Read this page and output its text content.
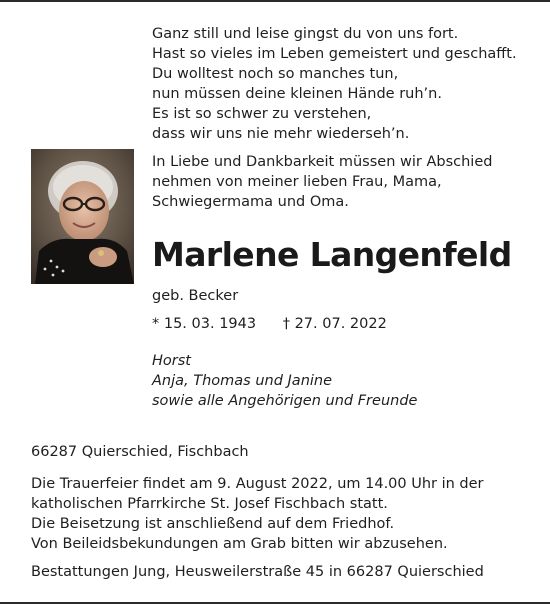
Ganz still und leise gingst du von uns fort.
Hast so vieles im Leben gemeistert und geschafft.
Du wolltest noch so manches tun,
nun müssen deine kleinen Hände ruh’n.
Es ist so schwer zu verstehen,
dass wir uns nie mehr wiederseh’n.
In Liebe und Dankbarkeit müssen wir Abschied
nehmen von meiner lieben Frau, Mama,
Schwiegermama und Oma.
Marlene Langenfeld
geb. Becker
* 15. 03. 1943 † 27. 07. 2022
Horst
Anja, Thomas und Janine
sowie alle Angehörigen und Freunde
66287 Quierschied, Fischbach
Die Trauerfeier findet am 9. August 2022, um 14.00 Uhr in der
katholischen Pfarrkirche St. Josef Fischbach statt.
Die Beisetzung ist anschließend auf dem Friedhof.
Von Beileidsbekundungen am Grab bitten wir abzusehen.
Bestattungen Jung, Heusweilerstraße 45 in 66287 Quierschied
